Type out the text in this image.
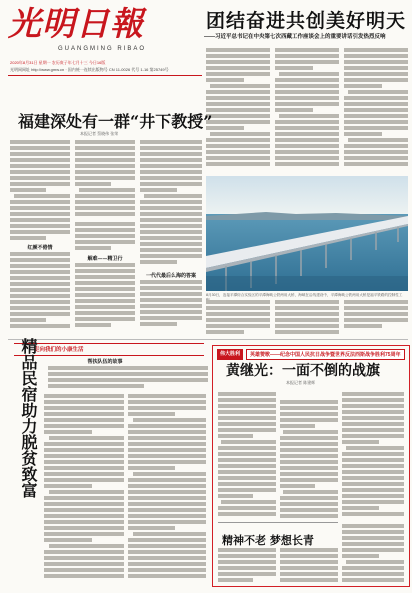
光明日報
GUANGMING RIBAO
2020年8月31日 星期一 农历庚子年七月十三 今日16版
光明网网址 http://www.gmw.cn · 国内统一连续出版物号 CN 11-0026 代号 1-16 第25749号
团结奋进共创美好明天
——习近平总书记在中央第七次西藏工作座谈会上的重要讲话引发热烈反响
福建深处有一群“井下教授”
本报记者 蔡晓伟 张荣
红颜不倦情
解难——精卫行
一代代最后么海的答案
8月30日，连接平潭综合实验区的平潭海峡公铁两用大桥，海峡在沿线建设中，平潭海峡公铁两用大桥是福平铁路的控制性工
走向我们的小康生活
帮扶队伍的故事
精品民宿助力脱贫致富	伟大胜利	英雄赞歌——纪念中国人民抗日战争暨世界反法西斯战争胜利75周年
黄继光：一面不倒的战旗
本报记者 陈建辉
精神不老 梦想长青
